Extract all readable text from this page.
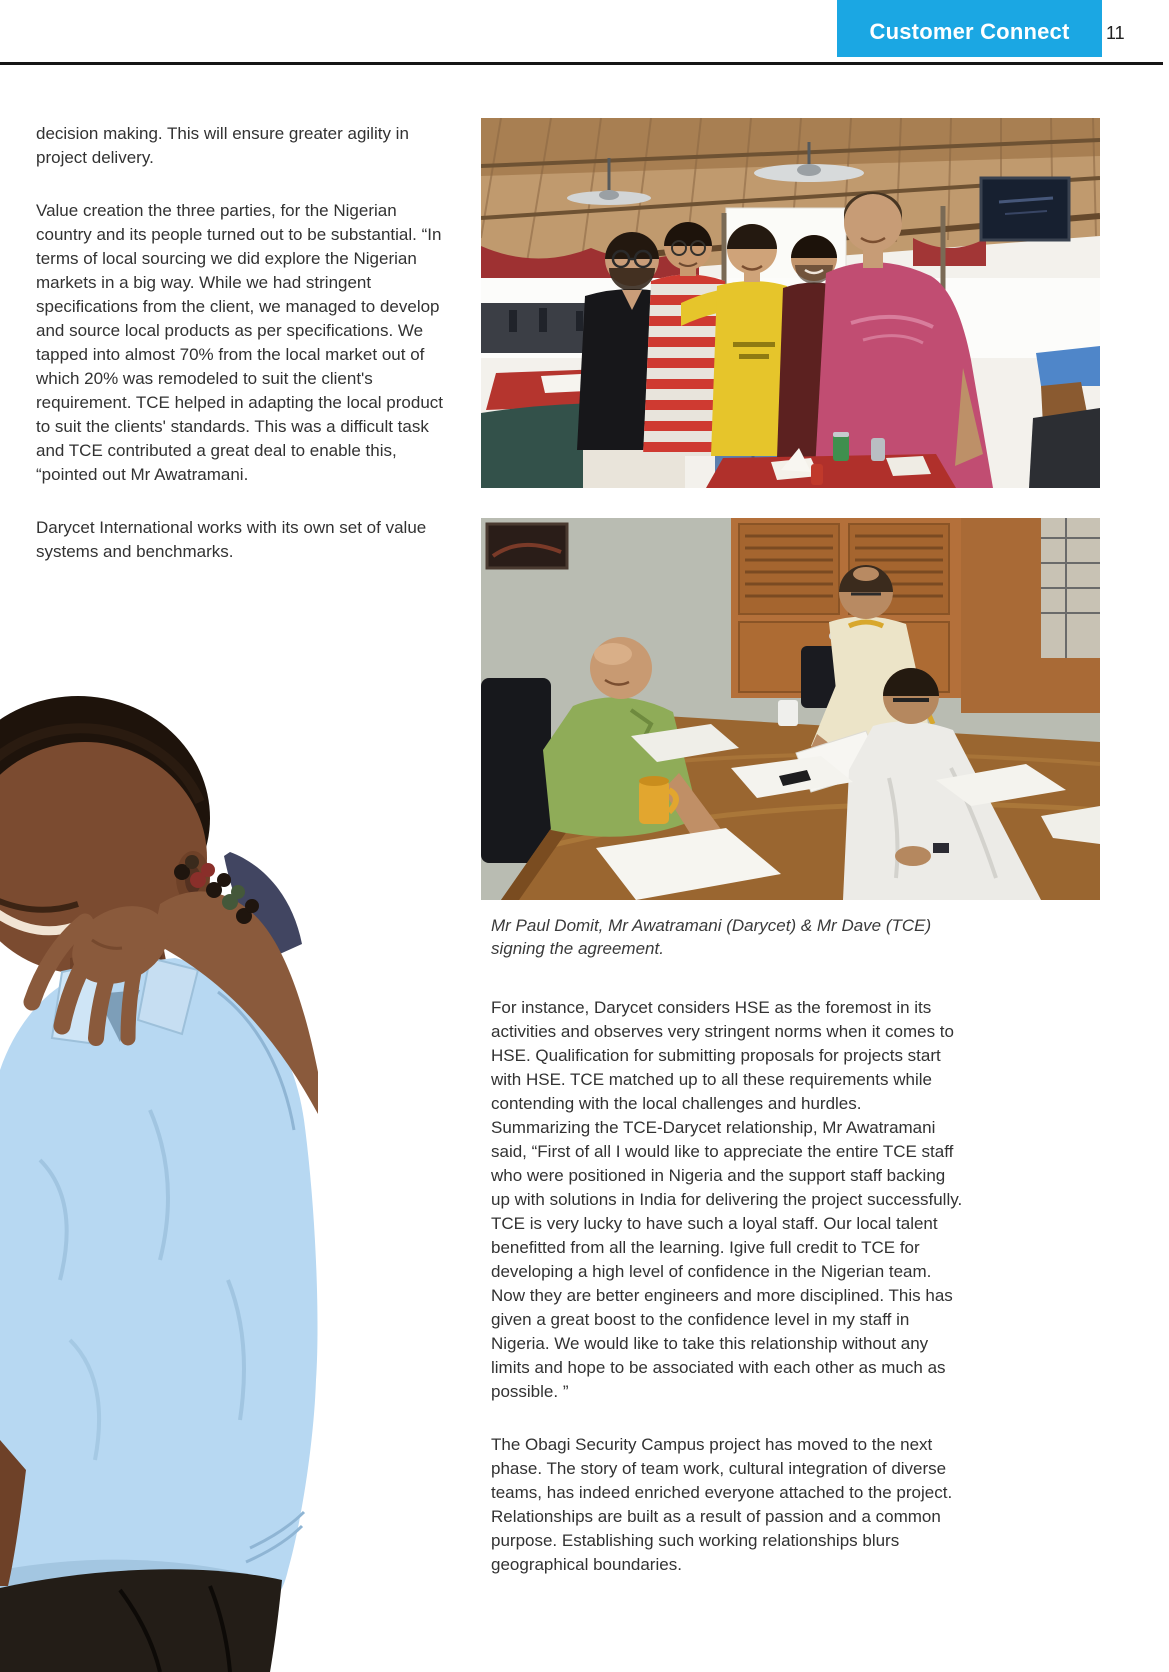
Customer Connect 11

decision making. This will ensure greater agility in project delivery.

Value creation the three parties, for the Nigerian country and its people turned out to be substantial. “In terms of local sourcing we did explore the Nigerian markets in a big way. While we had stringent specifications from the client, we managed to develop and source local products as per specifications. We tapped into almost 70% from the local market out of which 20% was remodeled to suit the client's requirement. TCE helped in adapting the local product to suit the clients' standards. This was a difficult task and TCE contributed a great deal to enable this, “pointed out Mr Awatramani.

Darycet International works with its own set of value systems and benchmarks.

Mr Paul Domit, Mr Awatramani (Darycet) & Mr Dave (TCE) signing the agreement.

For instance, Darycet considers HSE as the foremost in its activities and observes very stringent norms when it comes to HSE. Qualification for submitting proposals for projects start with HSE. TCE matched up to all these requirements while contending with the local challenges and hurdles. Summarizing the TCE-Darycet relationship, Mr Awatramani said, “First of all I would like to appreciate the entire TCE staff who were positioned in Nigeria and the support staff backing up with solutions in India for delivering the project successfully. TCE is very lucky to have such a loyal staff. Our local talent benefitted from all the learning. Igive full credit to TCE for developing a high level of confidence in the Nigerian team. Now they are better engineers and more disciplined. This has given a great boost to the confidence level in my staff in Nigeria. We would like to take this relationship without any limits and hope to be associated with each other as much as possible. ”

The Obagi Security Campus project has moved to the next phase. The story of team work, cultural integration of diverse teams, has indeed enriched everyone attached to the project. Relationships are built as a result of passion and a common purpose. Establishing such working relationships blurs geographical boundaries.
